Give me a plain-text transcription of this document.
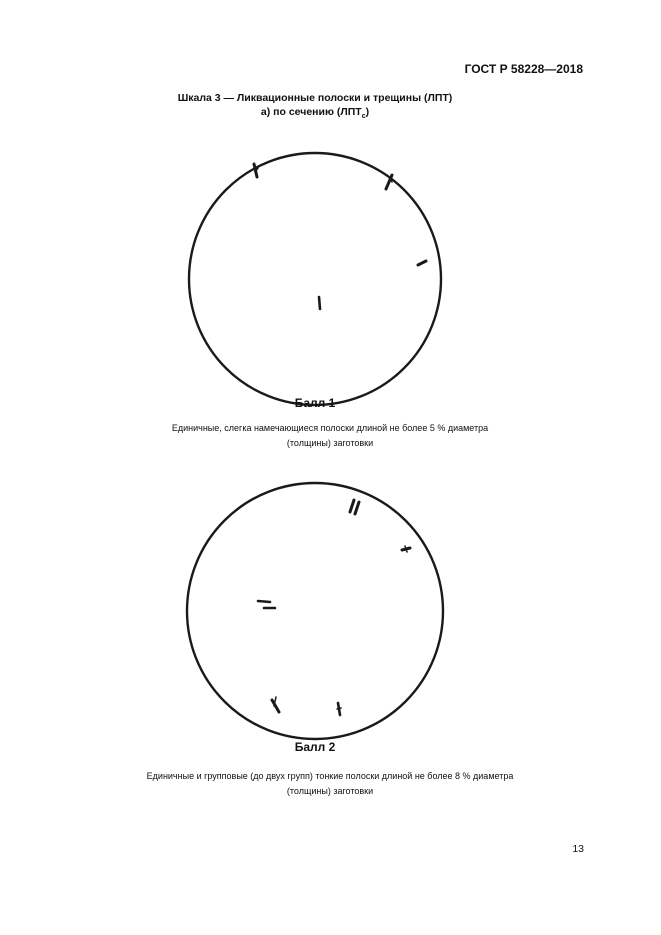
ГОСТ Р 58228—2018
Шкала 3 — Ликвационные полоски и трещины (ЛПТ)
а) по сечению $(ЛПТ_с)$
Балл 1
Единичные, слегка намечающиеся полоски длиной не более 5 % диаметра
(толщины) заготовки
Балл 2
Единичные и групповые (до двух групп) тонкие полоски длиной не более 8 % диаметра
(толщины) заготовки
13
